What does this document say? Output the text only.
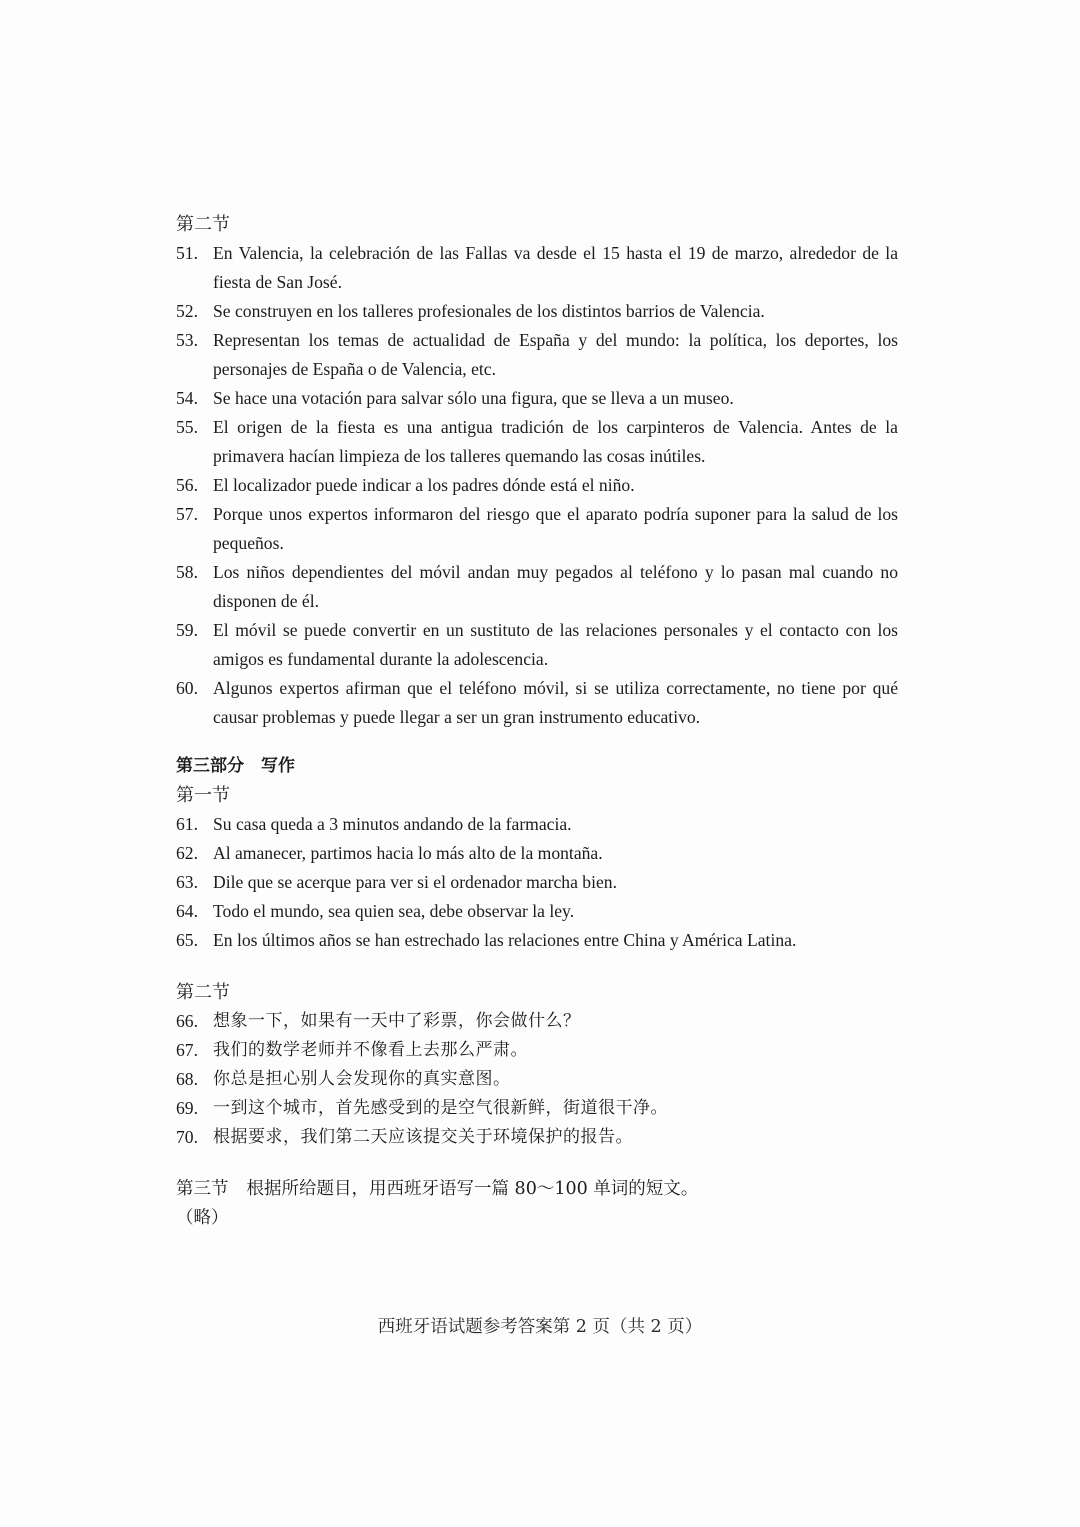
第二节
51. En Valencia, la celebración de las Fallas va desde el 15 hasta el 19 de marzo, alrededor de la fiesta de San José.
52. Se construyen en los talleres profesionales de los distintos barrios de Valencia.
53. Representan los temas de actualidad de España y del mundo: la política, los deportes, los personajes de España o de Valencia, etc.
54. Se hace una votación para salvar sólo una figura, que se lleva a un museo.
55. El origen de la fiesta es una antigua tradición de los carpinteros de Valencia. Antes de la primavera hacían limpieza de los talleres quemando las cosas inútiles.
56. El localizador puede indicar a los padres dónde está el niño.
57. Porque unos expertos informaron del riesgo que el aparato podría suponer para la salud de los pequeños.
58. Los niños dependientes del móvil andan muy pegados al teléfono y lo pasan mal cuando no disponen de él.
59. El móvil se puede convertir en un sustituto de las relaciones personales y el contacto con los amigos es fundamental durante la adolescencia.
60. Algunos expertos afirman que el teléfono móvil, si se utiliza correctamente, no tiene por qué causar problemas y puede llegar a ser un gran instrumento educativo.
第三部分　写作
第一节
61. Su casa queda a 3 minutos andando de la farmacia.
62. Al amanecer, partimos hacia lo más alto de la montaña.
63. Dile que se acerque para ver si el ordenador marcha bien.
64. Todo el mundo, sea quien sea, debe observar la ley.
65. En los últimos años se han estrechado las relaciones entre China y América Latina.
第二节
66. 想象一下，如果有一天中了彩票，你会做什么？
67. 我们的数学老师并不像看上去那么严肃。
68. 你总是担心别人会发现你的真实意图。
69. 一到这个城市，首先感受到的是空气很新鲜，街道很干净。
70. 根据要求，我们第二天应该提交关于环境保护的报告。
第三节 根据所给题目，用西班牙语写一篇 80～100 单词的短文。
（略）
西班牙语试题参考答案第 2 页（共 2 页）
